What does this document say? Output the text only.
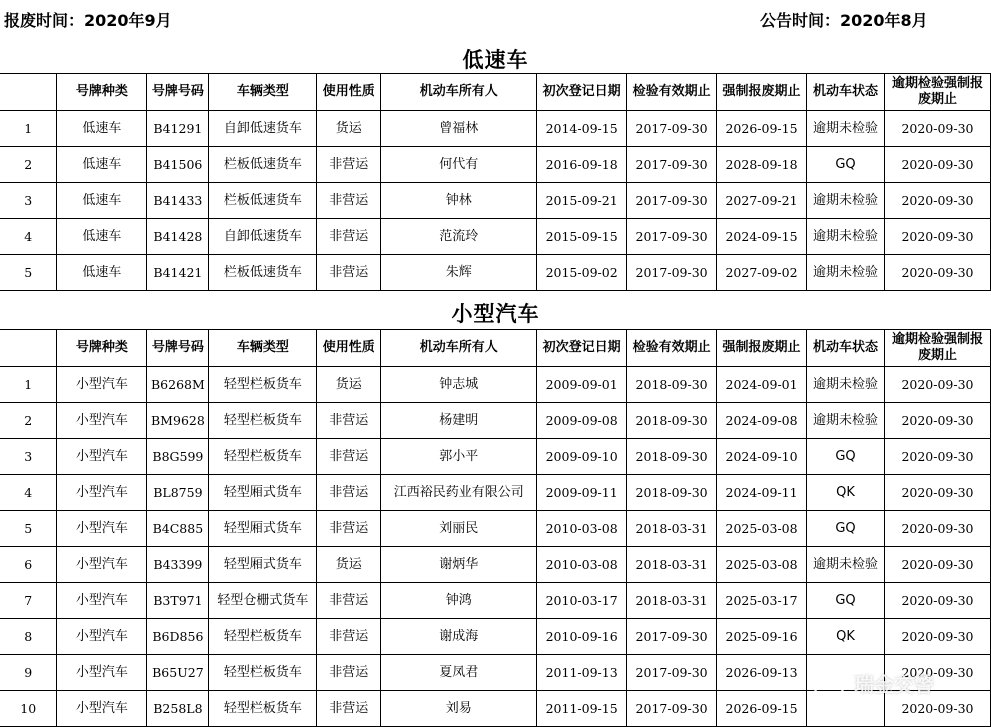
报废时间：2020年9月	公告时间：2020年8月
低速车
	号牌种类	号牌号码	车辆类型	使用性质	机动车所有人	初次登记日期	检验有效期止	强制报废期止	机动车状态	逾期检验强制报废期止
1	低速车	B41291	自卸低速货车	货运	曾福林	2014-09-15	2017-09-30	2026-09-15	逾期未检验	2020-09-30
2	低速车	B41506	栏板低速货车	非营运	何代有	2016-09-18	2017-09-30	2028-09-18	GQ	2020-09-30
3	低速车	B41433	栏板低速货车	非营运	钟林	2015-09-21	2017-09-30	2027-09-21	逾期未检验	2020-09-30
4	低速车	B41428	自卸低速货车	非营运	范流玲	2015-09-15	2017-09-30	2024-09-15	逾期未检验	2020-09-30
5	低速车	B41421	栏板低速货车	非营运	朱辉	2015-09-02	2017-09-30	2027-09-02	逾期未检验	2020-09-30
小型汽车
	号牌种类	号牌号码	车辆类型	使用性质	机动车所有人	初次登记日期	检验有效期止	强制报废期止	机动车状态	逾期检验强制报废期止
1	小型汽车	B6268M	轻型栏板货车	货运	钟志城	2009-09-01	2018-09-30	2024-09-01	逾期未检验	2020-09-30
2	小型汽车	BM9628	轻型栏板货车	非营运	杨建明	2009-09-08	2018-09-30	2024-09-08	逾期未检验	2020-09-30
3	小型汽车	B8G599	轻型栏板货车	非营运	郭小平	2009-09-10	2018-09-30	2024-09-10	GQ	2020-09-30
4	小型汽车	BL8759	轻型厢式货车	非营运	江西裕民药业有限公司	2009-09-11	2018-09-30	2024-09-11	QK	2020-09-30
5	小型汽车	B4C885	轻型厢式货车	非营运	刘丽民	2010-03-08	2018-03-31	2025-03-08	GQ	2020-09-30
6	小型汽车	B43399	轻型厢式货车	货运	谢炳华	2010-03-08	2018-03-31	2025-03-08	逾期未检验	2020-09-30
7	小型汽车	B3T971	轻型仓栅式货车	非营运	钟鸿	2010-03-17	2018-03-31	2025-03-17	GQ	2020-09-30
8	小型汽车	B6D856	轻型栏板货车	非营运	谢成海	2010-09-16	2017-09-30	2025-09-16	QK	2020-09-30
9	小型汽车	B65U27	轻型栏板货车	非营运	夏凤君	2011-09-13	2017-09-30	2026-09-13		2020-09-30
10	小型汽车	B258L8	轻型栏板货车	非营运	刘易	2011-09-15	2017-09-30	2026-09-15		2020-09-30
瑞金交警
